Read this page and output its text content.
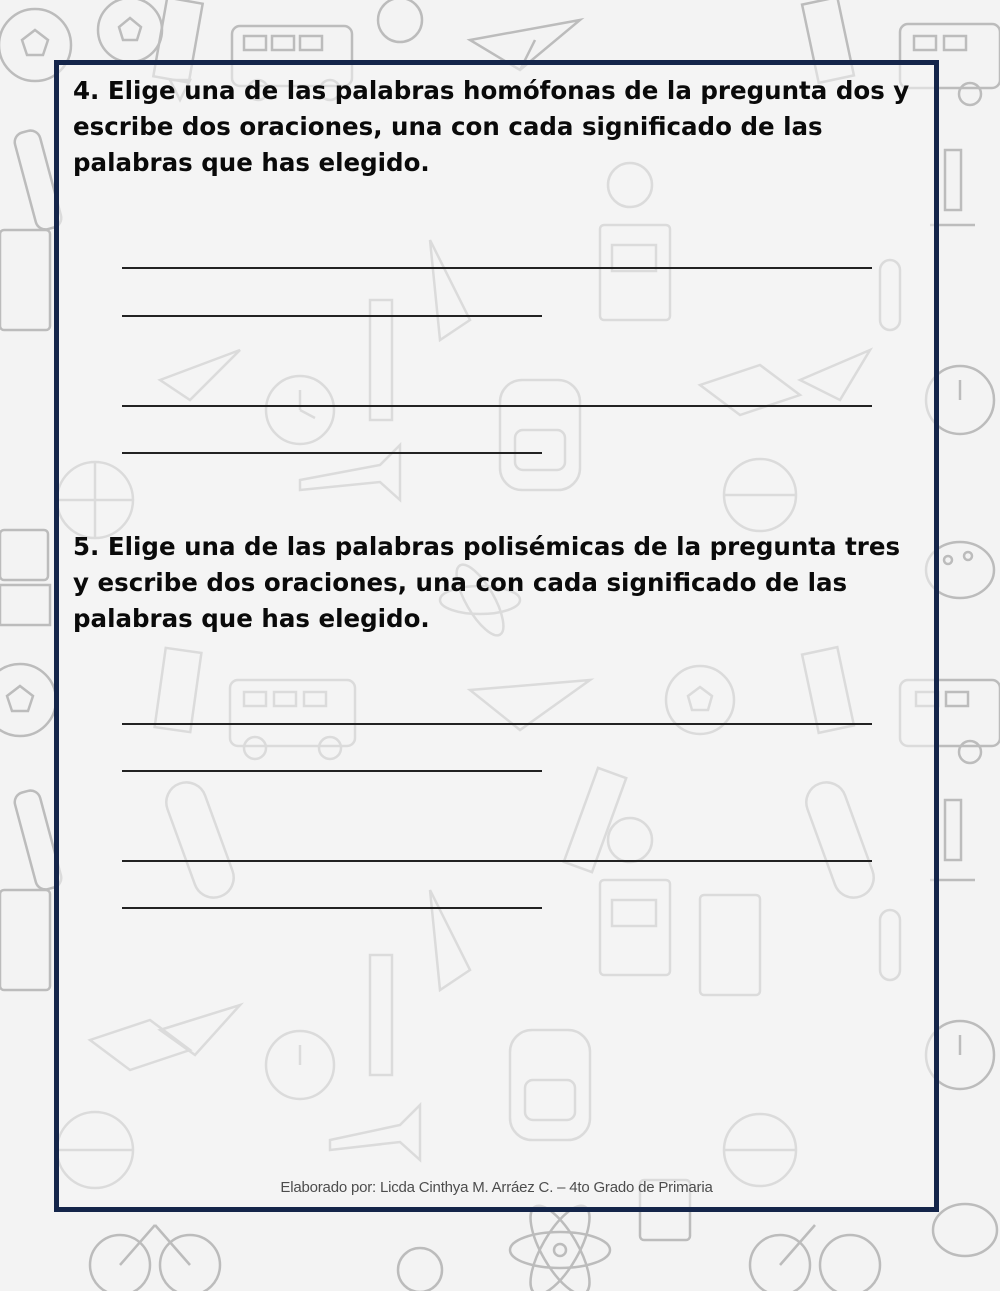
4. Elige una de las palabras homófonas de la pregunta dos y escribe dos oraciones, una con cada significado de las palabras que has elegido.

5. Elige una de las palabras polisémicas de la pregunta tres y escribe dos oraciones, una con cada significado de las palabras que has elegido.

Elaborado por: Licda Cinthya M. Arráez C. – 4to Grado de Primaria
